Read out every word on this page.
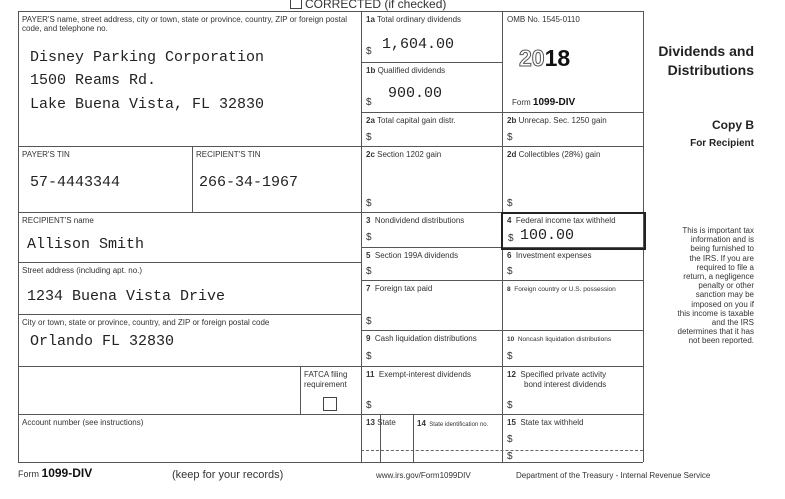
CORRECTED (if checked)
PAYER'S name, street address, city or town, state or province, country, ZIP or foreign postal code, and telephone no.
Disney Parking Corporation
1500 Reams Rd.
Lake Buena Vista, FL 32830
PAYER'S TIN
57-4443344
RECIPIENT'S TIN
266-34-1967
RECIPIENT'S name
Allison Smith
Street address (including apt. no.)
1234 Buena Vista Drive
City or town, state or province, country, and ZIP or foreign postal code
Orlando FL 32830
FATCA filing
requirement
Account number (see instructions)
1a Total ordinary dividends
$ 1,604.00
1b Qualified dividends
$
900.00
OMB No. 1545-0110
2018
Form 1099-DIV
Dividends and
Distributions
2a Total capital gain distr.
$
2b Unrecap. Sec. 1250 gain
$
Copy B
For Recipient
2c Section 1202 gain
$
2d Collectibles (28%) gain
$
3 Nondividend distributions
$
4 Federal income tax withheld
$ 100.00
5 Section 199A dividends
$
6 Investment expenses
$
7 Foreign tax paid
$
8 Foreign country or U.S. possession
9 Cash liquidation distributions
$
10 Noncash liquidation distributions
$
11 Exempt-interest dividends
$
12 Specified private activity
bond interest dividends
$
13 State	14 State identification no. 15 State tax withheld
$
$
This is important tax
information and is
being furnished to
the IRS. If you are
required to file a
return, a negligence
penalty or other
sanction may be
imposed on you if
this income is taxable
and the IRS
determines that it has
not been reported.
Form 1099-DIV	(keep for your records)	www.irs.gov/Form1099DIV	Department of the Treasury - Internal Revenue Service
